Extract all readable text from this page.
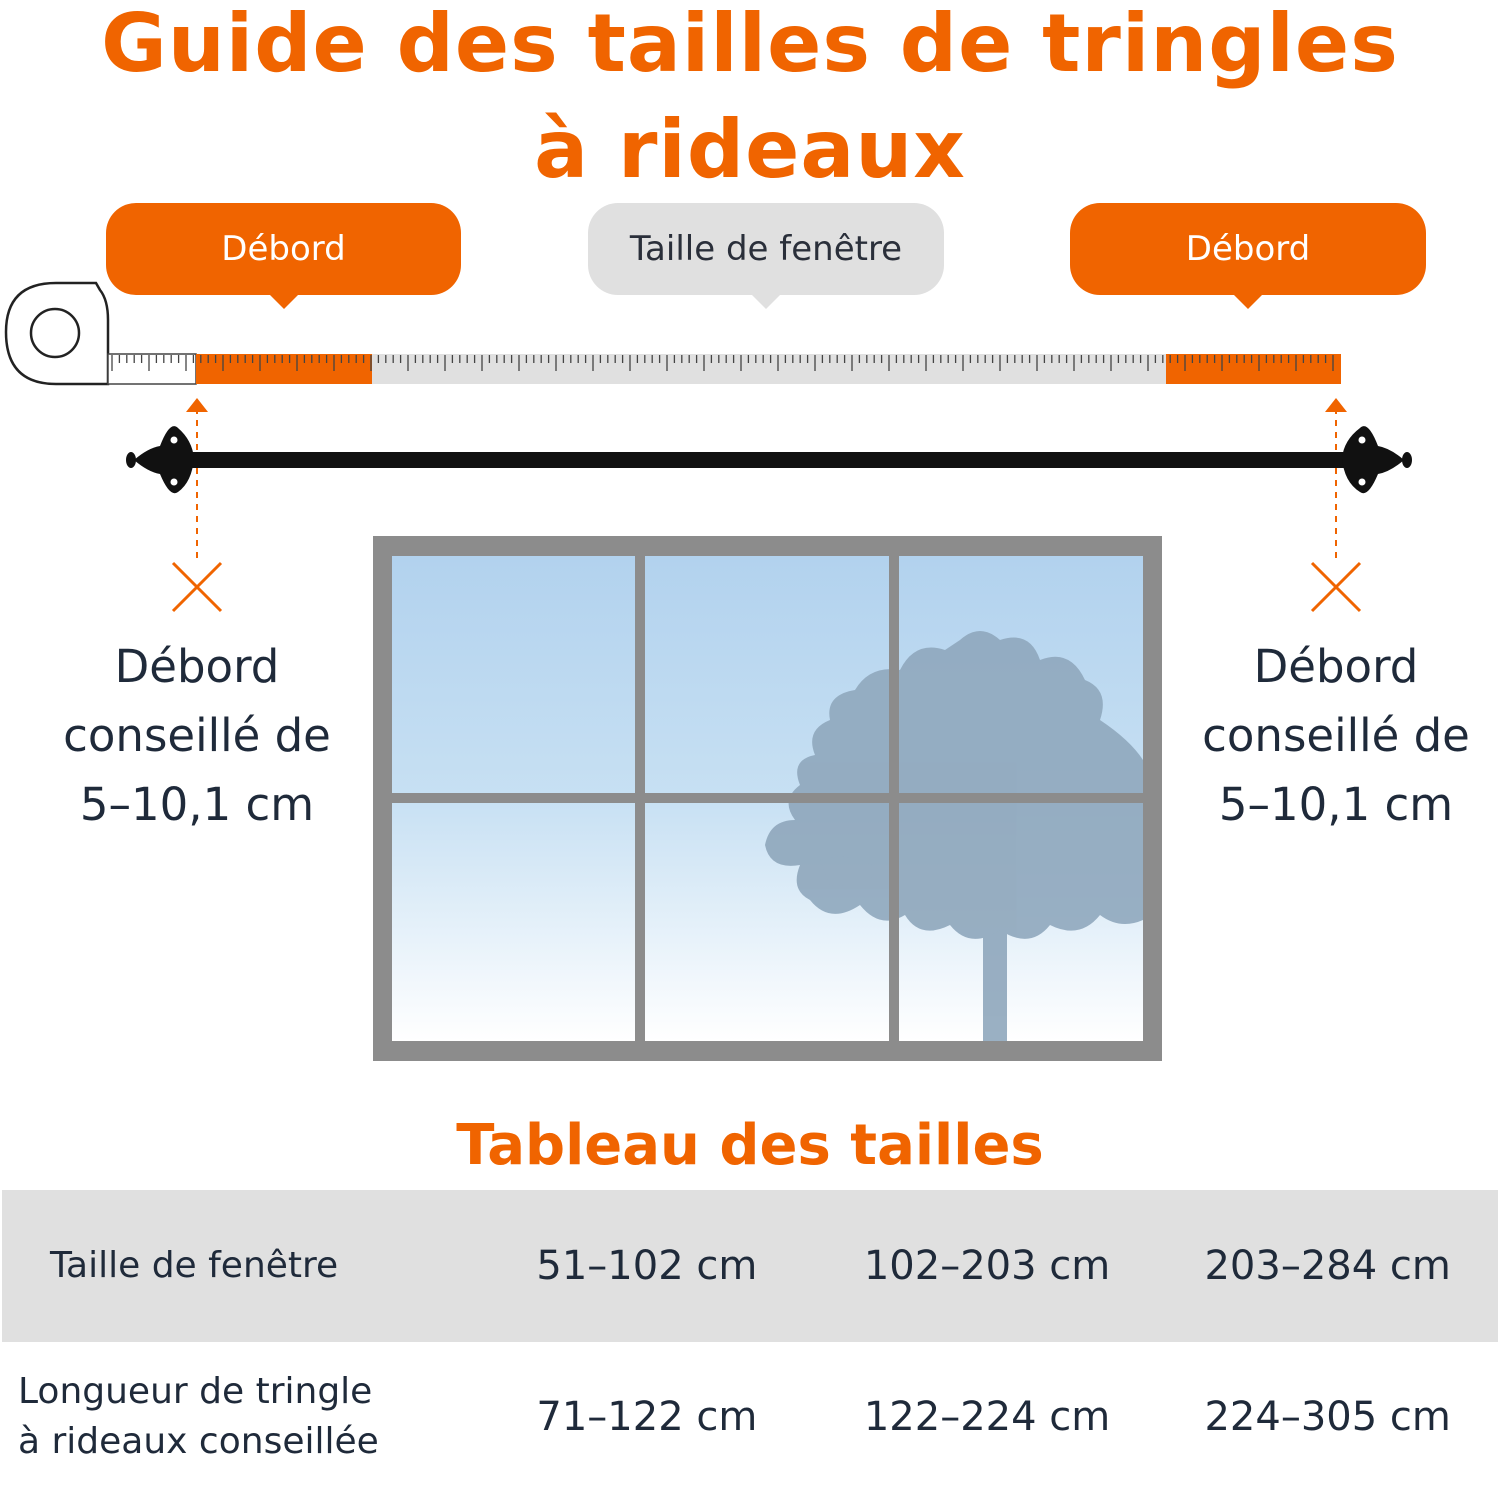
Guide des tailles de tringles
à rideaux
Débord	Taille de fenêtre	Débord
Débord
conseillé de
5–10,1 cm
Débord
conseillé de
5–10,1 cm
Tableau des tailles
Taille de fenêtre	51–102 cm	102–203 cm	203–284 cm

Longueur de tringle
à rideaux conseillée	71–122 cm	122–224 cm	224–305 cm
